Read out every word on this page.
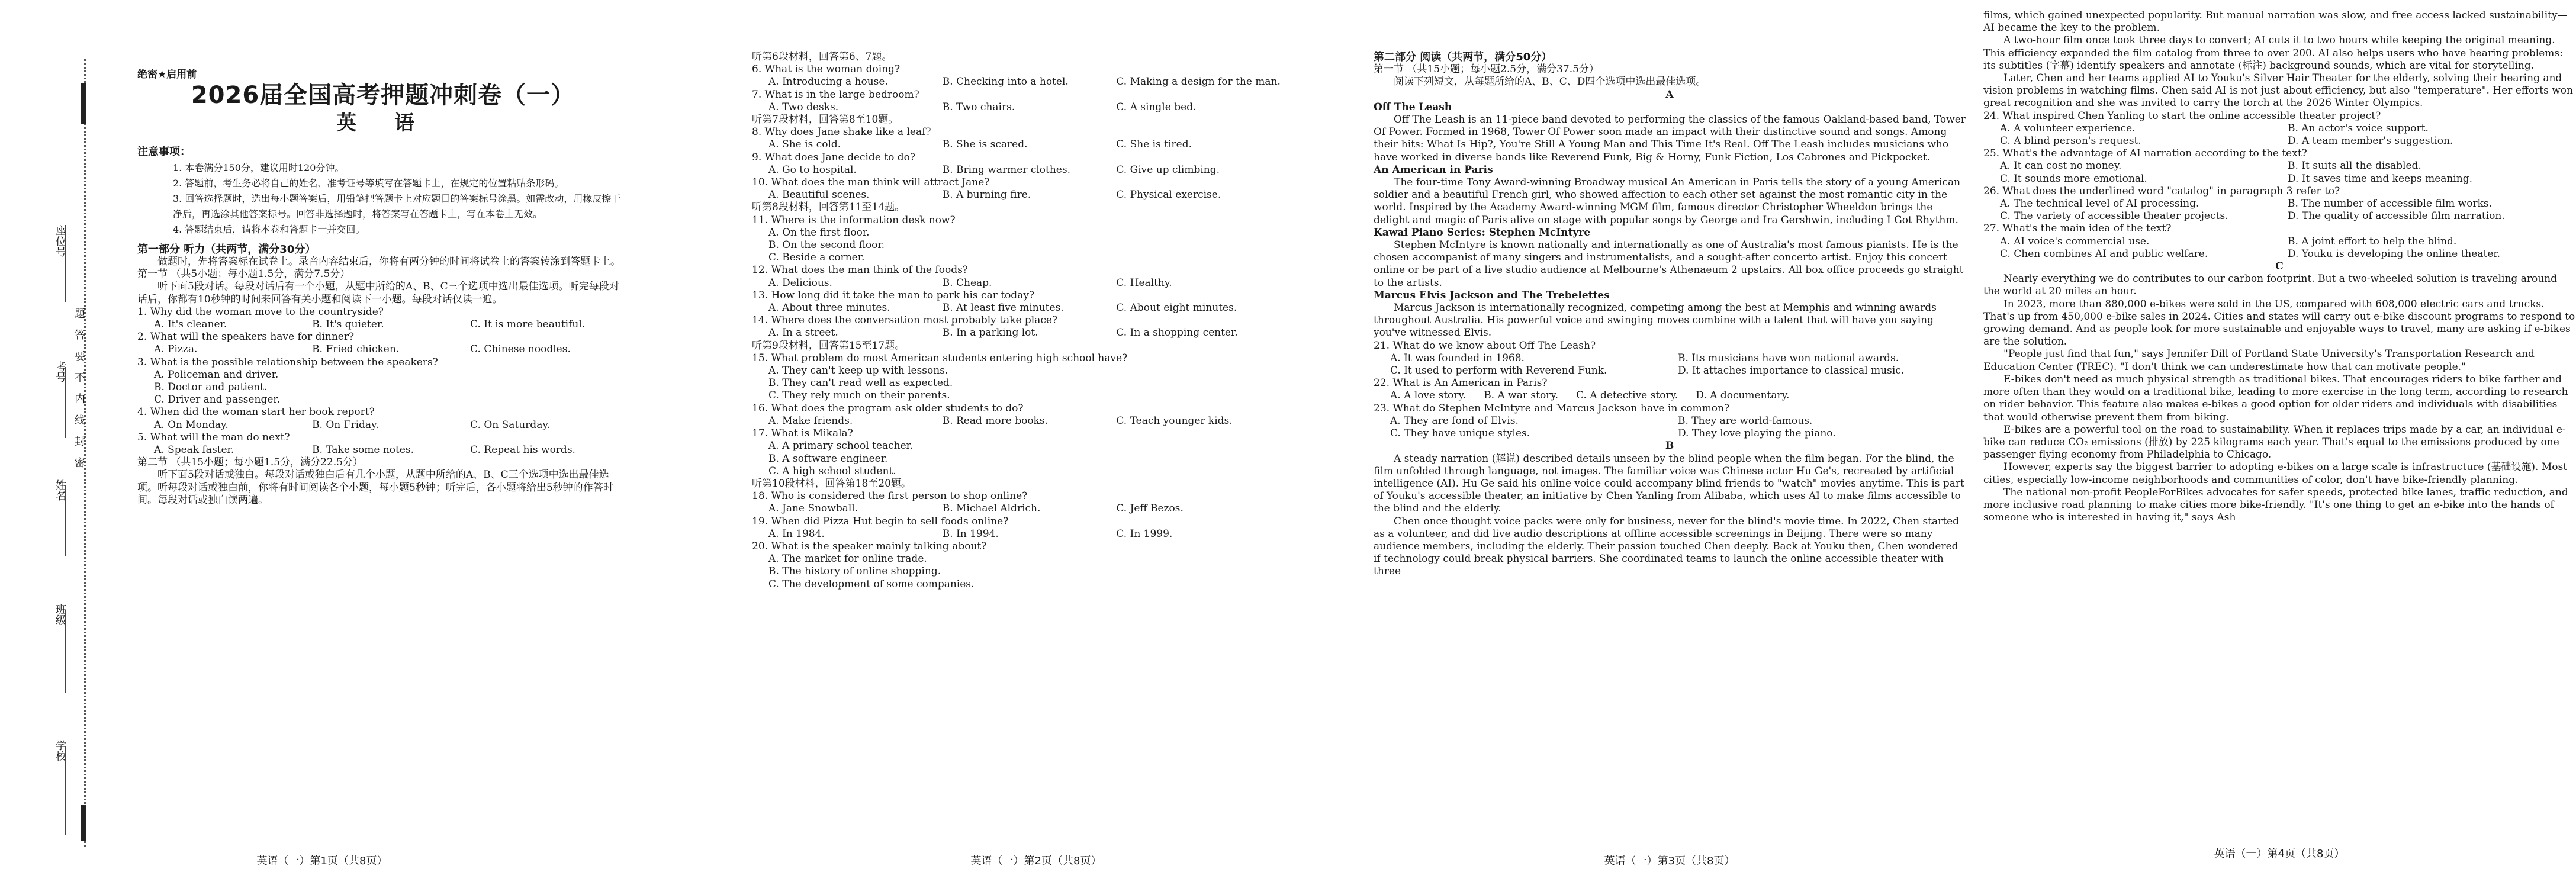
座位号
考号
姓名
班级
学校
题答要不内线封密
绝密★启用前
2026届全国高考押题冲刺卷（一）
英 语
注意事项：
1. 本卷满分150分，建议用时120分钟。
2. 答题前，考生务必将自己的姓名、准考证号等填写在答题卡上，在规定的位置粘贴条形码。
3. 回答选择题时，选出每小题答案后，用铅笔把答题卡上对应题目的答案标号涂黑。如需改动，用橡皮擦干净后，再选涂其他答案标号。回答非选择题时，将答案写在答题卡上，写在本卷上无效。
4. 答题结束后，请将本卷和答题卡一并交回。
第一部分 听力（共两节，满分30分）
做题时，先将答案标在试卷上。录音内容结束后，你将有两分钟的时间将试卷上的答案转涂到答题卡上。
第一节 （共5小题；每小题1.5分，满分7.5分）
听下面5段对话。每段对话后有一个小题，从题中所给的A、B、C三个选项中选出最佳选项。听完每段对话后，你都有10秒钟的时间来回答有关小题和阅读下一小题。每段对话仅读一遍。
1. Why did the woman move to the countryside?
A. It's cleaner.	B. It's quieter.	C. It is more beautiful.
2. What will the speakers have for dinner?
A. Pizza.	B. Fried chicken.	C. Chinese noodles.
3. What is the possible relationship between the speakers?
A. Policeman and driver.
B. Doctor and patient.
C. Driver and passenger.
4. When did the woman start her book report?
A. On Monday.	B. On Friday.	C. On Saturday.
5. What will the man do next?
A. Speak faster.	B. Take some notes.	C. Repeat his words.
第二节 （共15小题；每小题1.5分，满分22.5分）
听下面5段对话或独白。每段对话或独白后有几个小题，从题中所给的A、B、C三个选项中选出最佳选项。听每段对话或独白前，你将有时间阅读各个小题，每小题5秒钟；听完后，各小题将给出5秒钟的作答时间。每段对话或独白读两遍。
英语（一）第1页（共8页）
听第6段材料，回答第6、7题。
6. What is the woman doing?
A. Introducing a house.	B. Checking into a hotel.	C. Making a design for the man.
7. What is in the large bedroom?
A. Two desks.	B. Two chairs.	C. A single bed.
听第7段材料，回答第8至10题。
8. Why does Jane shake like a leaf?
A. She is cold.	B. She is scared.	C. She is tired.
9. What does Jane decide to do?
A. Go to hospital.	B. Bring warmer clothes.	C. Give up climbing.
10. What does the man think will attract Jane?
A. Beautiful scenes.	B. A burning fire.	C. Physical exercise.
听第8段材料，回答第11至14题。
11. Where is the information desk now?
A. On the first floor.
B. On the second floor.
C. Beside a corner.
12. What does the man think of the foods?
A. Delicious.	B. Cheap.	C. Healthy.
13. How long did it take the man to park his car today?
A. About three minutes.	B. At least five minutes.	C. About eight minutes.
14. Where does the conversation most probably take place?
A. In a street.	B. In a parking lot.	C. In a shopping center.
听第9段材料，回答第15至17题。
15. What problem do most American students entering high school have?
A. They can't keep up with lessons.
B. They can't read well as expected.
C. They rely much on their parents.
16. What does the program ask older students to do?
A. Make friends.	B. Read more books.	C. Teach younger kids.
17. What is Mikala?
A. A primary school teacher.
B. A software engineer.
C. A high school student.
听第10段材料，回答第18至20题。
18. Who is considered the first person to shop online?
A. Jane Snowball.	B. Michael Aldrich.	C. Jeff Bezos.
19. When did Pizza Hut begin to sell foods online?
A. In 1984.	B. In 1994.	C. In 1999.
20. What is the speaker mainly talking about?
A. The market for online trade.
B. The history of online shopping.
C. The development of some companies.
英语（一）第2页（共8页）
第二部分 阅读（共两节，满分50分）
第一节 （共15小题；每小题2.5分，满分37.5分）
阅读下列短文，从每题所给的A、B、C、D四个选项中选出最佳选项。
A
Off The Leash
Off The Leash is an 11-piece band devoted to performing the classics of the famous Oakland-based band, Tower Of Power. Formed in 1968, Tower Of Power soon made an impact with their distinctive sound and songs. Among their hits: What Is Hip?, You're Still A Young Man and This Time It's Real. Off The Leash includes musicians who have worked in diverse bands like Reverend Funk, Big & Horny, Funk Fiction, Los Cabrones and Pickpocket.
An American in Paris
The four-time Tony Award-winning Broadway musical An American in Paris tells the story of a young American soldier and a beautiful French girl, who showed affection to each other set against the most romantic city in the world. Inspired by the Academy Award-winning MGM film, famous director Christopher Wheeldon brings the delight and magic of Paris alive on stage with popular songs by George and Ira Gershwin, including I Got Rhythm.
Kawai Piano Series: Stephen McIntyre
Stephen McIntyre is known nationally and internationally as one of Australia's most famous pianists. He is the chosen accompanist of many singers and instrumentalists, and a sought-after concerto artist. Enjoy this concert online or be part of a live studio audience at Melbourne's Athenaeum 2 upstairs. All box office proceeds go straight to the artists.
Marcus Elvis Jackson and The Trebelettes
Marcus Jackson is internationally recognized, competing among the best at Memphis and winning awards throughout Australia. His powerful voice and swinging moves combine with a talent that will have you saying you've witnessed Elvis.
21. What do we know about Off The Leash?
A. It was founded in 1968.	B. Its musicians have won national awards.
C. It used to perform with Reverend Funk.	D. It attaches importance to classical music.
22. What is An American in Paris?
A. A love story. B. A war story. C. A detective story. D. A documentary.
23. What do Stephen McIntyre and Marcus Jackson have in common?
A. They are fond of Elvis.	B. They are world-famous.
C. They have unique styles.	D. They love playing the piano.
B
A steady narration (解说) described details unseen by the blind people when the film began. For the blind, the film unfolded through language, not images. The familiar voice was Chinese actor Hu Ge's, recreated by artificial intelligence (AI). Hu Ge said his online voice could accompany blind friends to "watch" movies anytime. This is part of Youku's accessible theater, an initiative by Chen Yanling from Alibaba, which uses AI to make films accessible to the blind and the elderly.
Chen once thought voice packs were only for business, never for the blind's movie time. In 2022, Chen started as a volunteer, and did live audio descriptions at offline accessible screenings in Beijing. There were so many audience members, including the elderly. Their passion touched Chen deeply. Back at Youku then, Chen wondered if technology could break physical barriers. She coordinated teams to launch the online accessible theater with three
英语（一）第3页（共8页）
films, which gained unexpected popularity. But manual narration was slow, and free access lacked sustainability—AI became the key to the problem.
A two-hour film once took three days to convert; AI cuts it to two hours while keeping the original meaning. This efficiency expanded the film catalog from three to over 200. AI also helps users who have hearing problems: its subtitles (字幕) identify speakers and annotate (标注) background sounds, which are vital for storytelling.
Later, Chen and her teams applied AI to Youku's Silver Hair Theater for the elderly, solving their hearing and vision problems in watching films. Chen said AI is not just about efficiency, but also "temperature". Her efforts won great recognition and she was invited to carry the torch at the 2026 Winter Olympics.
24. What inspired Chen Yanling to start the online accessible theater project?
A. A volunteer experience.	B. An actor's voice support.
C. A blind person's request.	D. A team member's suggestion.
25. What's the advantage of AI narration according to the text?
A. It can cost no money.	B. It suits all the disabled.
C. It sounds more emotional.	D. It saves time and keeps meaning.
26. What does the underlined word "catalog" in paragraph 3 refer to?
A. The technical level of AI processing.	B. The number of accessible film works.
C. The variety of accessible theater projects.	D. The quality of accessible film narration.
27. What's the main idea of the text?
A. AI voice's commercial use.	B. A joint effort to help the blind.
C. Chen combines AI and public welfare.	D. Youku is developing the online theater.
C
Nearly everything we do contributes to our carbon footprint. But a two-wheeled solution is traveling around the world at 20 miles an hour.
In 2023, more than 880,000 e-bikes were sold in the US, compared with 608,000 electric cars and trucks. That's up from 450,000 e-bike sales in 2024. Cities and states will carry out e-bike discount programs to respond to growing demand. And as people look for more sustainable and enjoyable ways to travel, many are asking if e-bikes are the solution.
"People just find that fun," says Jennifer Dill of Portland State University's Transportation Research and Education Center (TREC). "I don't think we can underestimate how that can motivate people."
E-bikes don't need as much physical strength as traditional bikes. That encourages riders to bike farther and more often than they would on a traditional bike, leading to more exercise in the long term, according to research on rider behavior. This feature also makes e-bikes a good option for older riders and individuals with disabilities that would otherwise prevent them from biking.
E-bikes are a powerful tool on the road to sustainability. When it replaces trips made by a car, an individual e-bike can reduce CO₂ emissions (排放) by 225 kilograms each year. That's equal to the emissions produced by one passenger flying economy from Philadelphia to Chicago.
However, experts say the biggest barrier to adopting e-bikes on a large scale is infrastructure (基础设施). Most cities, especially low-income neighborhoods and communities of color, don't have bike-friendly planning.
The national non-profit PeopleForBikes advocates for safer speeds, protected bike lanes, traffic reduction, and more inclusive road planning to make cities more bike-friendly. "It's one thing to get an e-bike into the hands of someone who is interested in having it," says Ash
英语（一）第4页（共8页）
